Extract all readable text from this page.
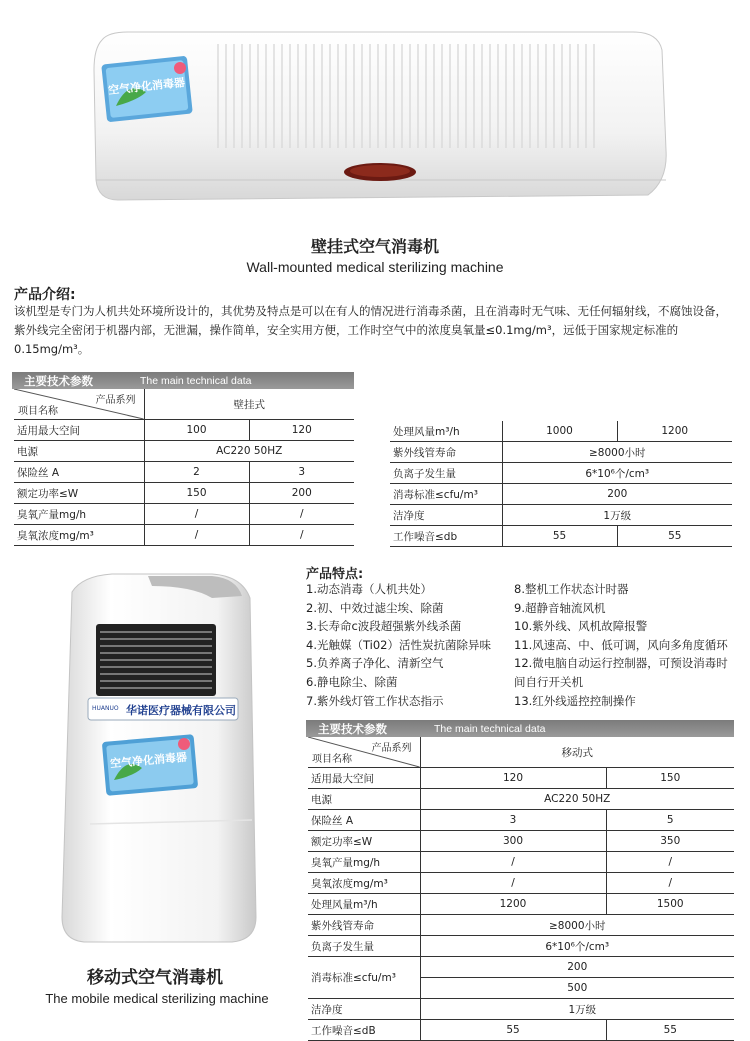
空气净化消毒器
壁挂式空气消毒机
Wall-mounted medical sterilizing machine
产品介绍:
该机型是专门为人机共处环境所设计的，其优势及特点是可以在有人的情况进行消毒杀菌，且在消毒时无气味、无任何辐射线，不腐蚀设备，紫外线完全密闭于机器内部，无泄漏，操作简单，安全实用方便，工作时空气中的浓度臭氧量≤0.1mg/m³，远低于国家规定标准的0.15mg/m³。
主要技术参数	The main technical data
产品系列
项目名称	壁挂式	
适用最大空间	100	120
电源	AC220 50HZ	
保险丝 A	2	3
额定功率≤W	150	200
臭氧产量mg/h	/	/
臭氧浓度mg/m³	/	/
处理风量m³/h	1000	1200
紫外线管寿命	≥8000小时	
负离子发生量	6*10⁶个/cm³	
消毒标准≤cfu/m³	200	
洁净度	1万级	
工作噪音≤db	55	55
HUANUO 华诺医疗器械有限公司
空气净化消毒器
移动式空气消毒机
The mobile medical sterilizing machine
产品特点:
1.动态消毒（人机共处）
2.初、中效过滤尘埃、除菌
3.长寿命c波段超强紫外线杀菌
4.光触媒（Ti02）活性炭抗菌除异味
5.负养离子净化、清新空气
6.静电除尘、除菌
7.紫外线灯管工作状态指示
8.整机工作状态计时器
9.超静音轴流风机
10.紫外线、风机故障报警
11.风速高、中、低可调，风向多角度循环
12.微电脑自动运行控制器，可预设消毒时
间自行开关机
13.红外线遥控控制操作
主要技术参数	The main technical data
产品系列
项目名称	移动式	
适用最大空间	120	150
电源	AC220 50HZ	
保险丝 A	3	5
额定功率≤W	300	350
臭氧产量mg/h	/	/
臭氧浓度mg/m³	/	/
处理风量m³/h	1200	1500
紫外线管寿命	≥8000小时	
负离子发生量	6*10⁶个/cm³	
消毒标准≤cfu/m³	200	
	500	
洁净度	1万级	
工作噪音≤dB	55	55
